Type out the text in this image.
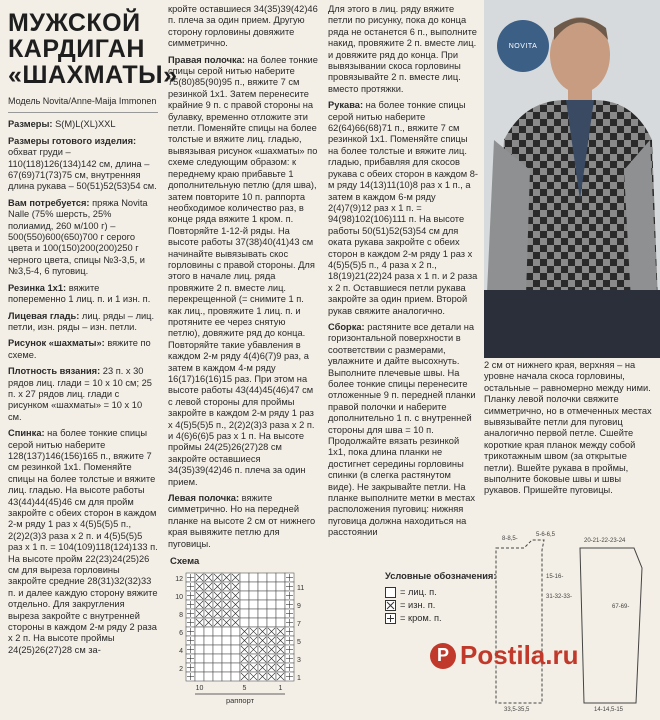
NOVITA
МУЖСКОЙ
КАРДИГАН
«ШАХМАТЫ»
Модель Novita/Anne-Maija Immonen

Размеры: S(M)L(XL)XXL

Размеры готового изделия: обхват груди – 110(118)126(134)142 см, длина – 67(69)71(73)75 см, внутренняя длина рукава – 50(51)52(53)54 см.

Вам потребуется: пряжа Novita Nalle (75% шерсть, 25% полиамид, 260 м/100 г) – 500(550)600(650)700 г серого цвета и 100(150)200(200)250 г черного цвета, спицы №3-3,5, и №3,5-4, 6 пуговиц.

Резинка 1x1: вяжите попеременно 1 лиц. п. и 1 изн. п.

Лицевая гладь: лиц. ряды – лиц. петли, изн. ряды – изн. петли.

Рисунок «шахматы»: вяжите по схеме.

Плотность вязания: 23 п. х 30 рядов лиц. глади = 10 x 10 см; 25 п. х 27 рядов лиц. глади с рисунком «шахматы» = 10 x 10 см.

Спинка: на более тонкие спицы серой нитью наберите 128(137)146(156)165 п., вяжите 7 см резинкой 1x1. Поменяйте спицы на более толстые и вяжите лиц. гладью. На высоте работы 43(44)44(45)46 см для пройм закройте с обеих сторон в каждом 2-м ряду 1 раз х 4(5)5(5)5 п., 2(2)2(3)3 раза х 2 п. и 4(5)5(5)5 раз х 1 п. = 104(109)118(124)133 п. На высоте пройм 22(23)24(25)26 см для выреза горловины закройте средние 28(31)32(32)33 п. и далее каждую сторону вяжите отдельно. Для закругления выреза закройте с внутренней стороны в каждом 2-м ряду 2 раза х 2 п. На высоте проймы 24(25)26(27)28 см за-

кройте оставшиеся 34(35)39(42)46 п. плеча за один прием. Другую сторону горловины довяжите симметрично.

Правая полочка: на более тонкие спицы серой нитью наберите 75(80)85(90)95 п., вяжите 7 см резинкой 1x1. Затем перенесите крайние 9 п. с правой стороны на булавку, временно отложите эти петли. Поменяйте спицы на более толстые и вяжите лиц. гладью, вывязывая рисунок «шахматы» по схеме следующим образом: к переднему краю прибавьте 1 дополнительную петлю (для шва), затем повторите 10 п. раппорта необходимое количество раз, в конце ряда вяжите 1 кром. п. Повторяйте 1-12-й ряды. На высоте работы 37(38)40(41)43 см начинайте вывязывать скос горловины с правой стороны. Для этого в начале лиц. ряда провяжите 2 п. вместе лиц. перекрещенной (= снимите 1 п. как лиц., провяжите 1 лиц. п. и протяните ее через снятую петлю), довяжите ряд до конца. Повторяйте такие убавления в каждом 2-м ряду 4(4)6(7)9 раз, а затем в каждом 4-м ряду 16(17)16(16)15 раз. При этом на высоте работы 43(44)45(46)47 см с левой стороны для проймы закройте в каждом 2-м ряду 1 раз х 4(5)5(5)5 п., 2(2)2(3)3 раза х 2 п. и 4(6)6(6)5 раз х 1 п. На высоте проймы 24(25)26(27)28 см закройте оставшиеся 34(35)39(42)46 п. плеча за один прием.

Левая полочка: вяжите симметрично. Но на передней планке на высоте 2 см от нижнего края вывяжите петлю для пуговицы.

Для этого в лиц. ряду вяжите петли по рисунку, пока до конца ряда не останется 6 п., выполните накид, провяжите 2 п. вместе лиц. и довяжите ряд до конца. При вывязывании скоса горловины провязывайте 2 п. вместе лиц. вместо протяжки.

Рукава: на более тонкие спицы серой нитью наберите 62(64)66(68)71 п., вяжите 7 см резинкой 1x1. Поменяйте спицы на более толстые и вяжите лиц. гладью, прибавляя для скосов рукава с обеих сторон в каждом 8-м ряду 14(13)11(10)8 раз х 1 п., а затем в каждом 6-м ряду 2(4)7(9)12 раз х 1 п. = 94(98)102(106)111 п. На высоте работы 50(51)52(53)54 см для оката рукава закройте с обеих сторон в каждом 2-м ряду 1 раз х 4(5)5(5)5 п., 4 раза х 2 п., 18(19)21(22)24 раза х 1 п. и 2 раза х 2 п. Оставшиеся петли рукава закройте за один прием. Второй рукав свяжите аналогично.

Сборка: растяните все детали на горизонтальной поверхности в соответствии с размерами, увлажните и дайте высохнуть. Выполните плечевые швы. На более тонкие спицы перенесите отложенные 9 п. передней планки правой полочки и наберите дополнительно 1 п. с внутренней стороны для шва = 10 п. Продолжайте вязать резинкой 1x1, пока длина планки не достигнет середины горловины спинки (в слегка растянутом виде). Не закрывайте петли. На планке выполните метки в местах расположения пуговиц: нижняя пуговица должна находиться на расстоянии

2 см от нижнего края, верхняя – на уровне начала скоса горловины, остальные – равномерно между ними. Планку левой полочки свяжите симметрично, но в отмеченных местах вывязывайте петли для пуговиц аналогично первой петле. Сшейте короткие края планок между собой трикотажным швом (за открытые петли). Вшейте рукава в проймы, выполните боковые швы и швы рукавов. Пришейте пуговицы.
Схема
12
10
8
6
4
2
11
9
7
5
3
1
10	5	1
раппорт
Условные обозначения:
= лиц. п.
= изн. п.
= кром. п.
8-8,5-
5-6-6,5
20-21-22-23-24
15-16-
31-32-33-
67-69-
33,5-35,5	14-14,5-15
P Postila.ru
